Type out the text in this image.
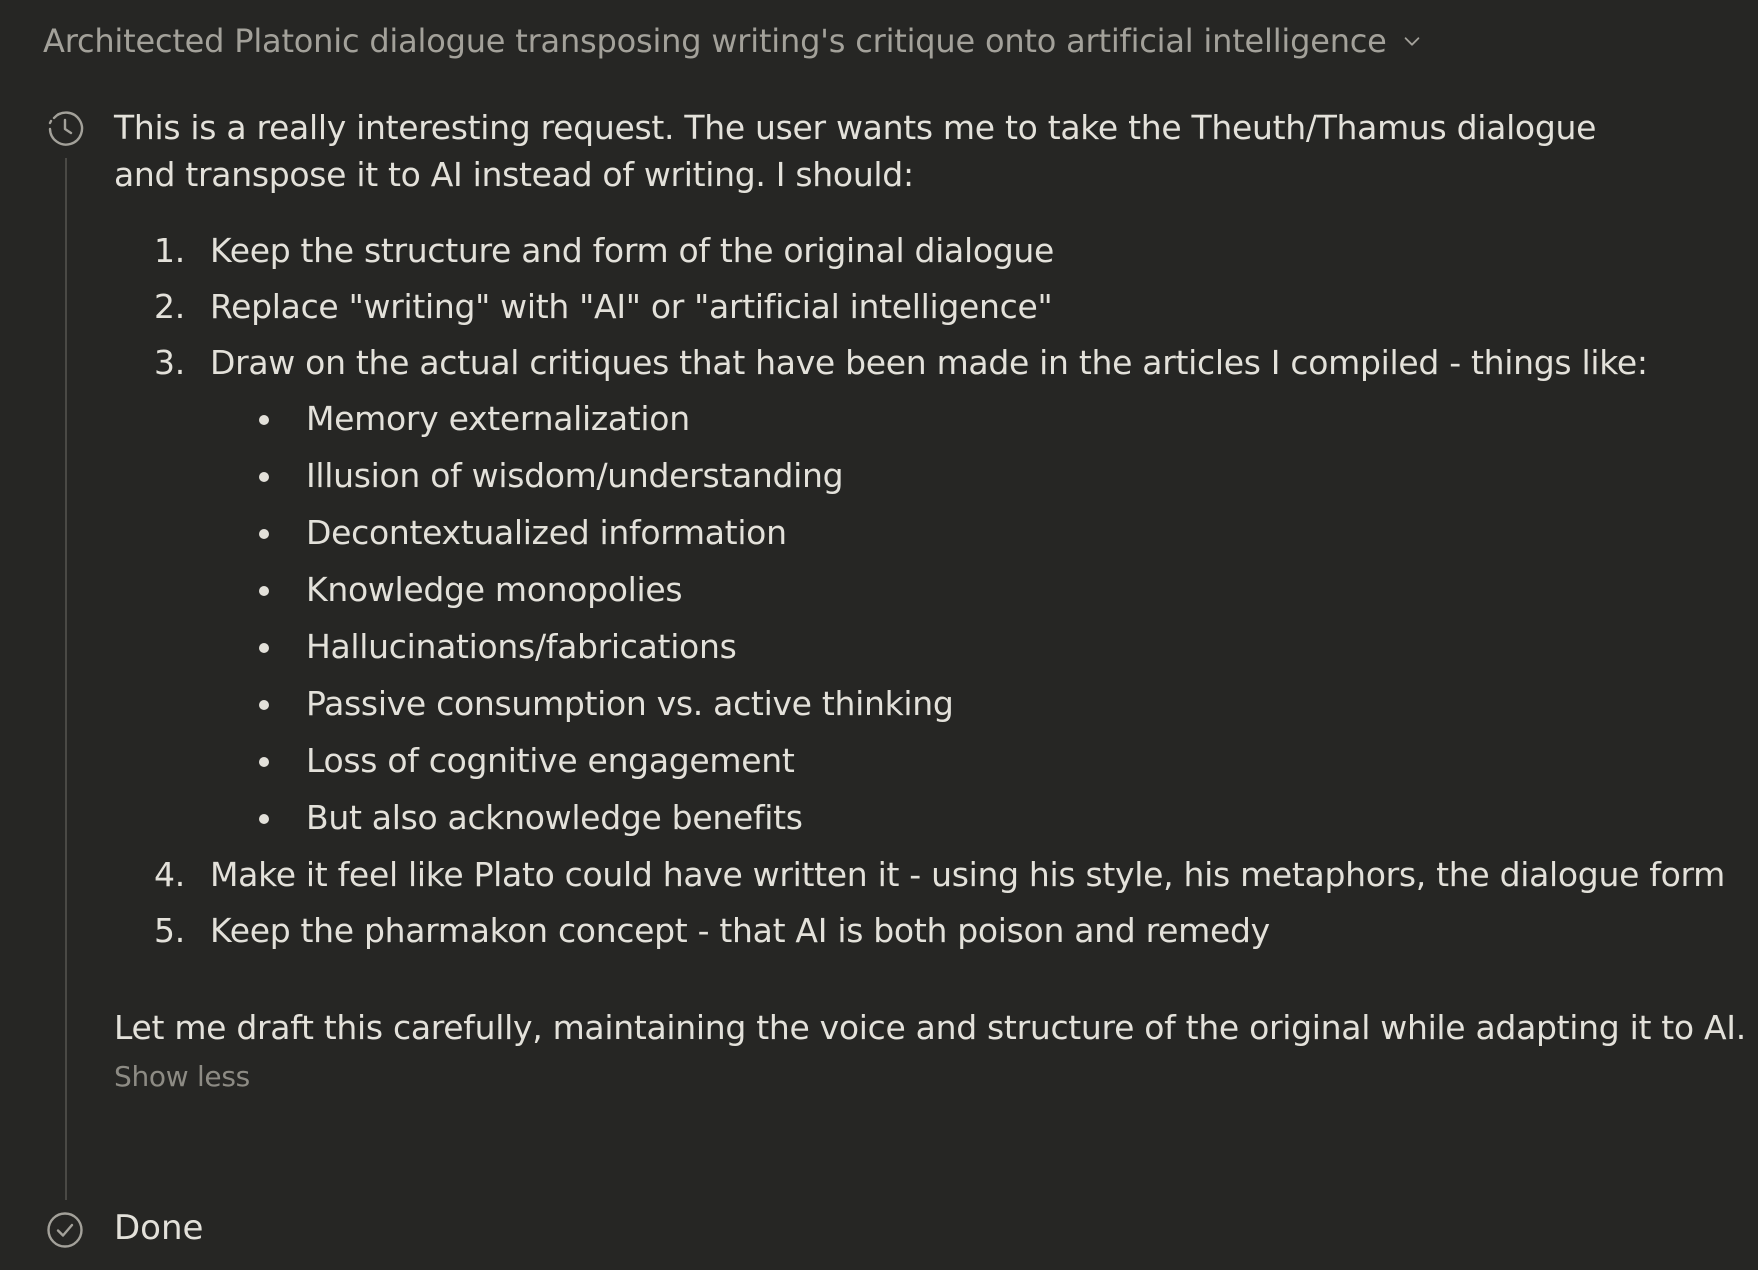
Architected Platonic dialogue transposing writing's critique onto artificial intelligence

This is a really interesting request. The user wants me to take the Theuth/Thamus dialogue and transpose it to AI instead of writing. I should:

1. Keep the structure and form of the original dialogue
2. Replace "writing" with "AI" or "artificial intelligence"
3. Draw on the actual critiques that have been made in the articles I compiled - things like:
Memory externalization
Illusion of wisdom/understanding
Decontextualized information
Knowledge monopolies
Hallucinations/fabrications
Passive consumption vs. active thinking
Loss of cognitive engagement
But also acknowledge benefits
4. Make it feel like Plato could have written it - using his style, his metaphors, the dialogue form
5. Keep the pharmakon concept - that AI is both poison and remedy

Let me draft this carefully, maintaining the voice and structure of the original while adapting it to AI.

Show less
Done
